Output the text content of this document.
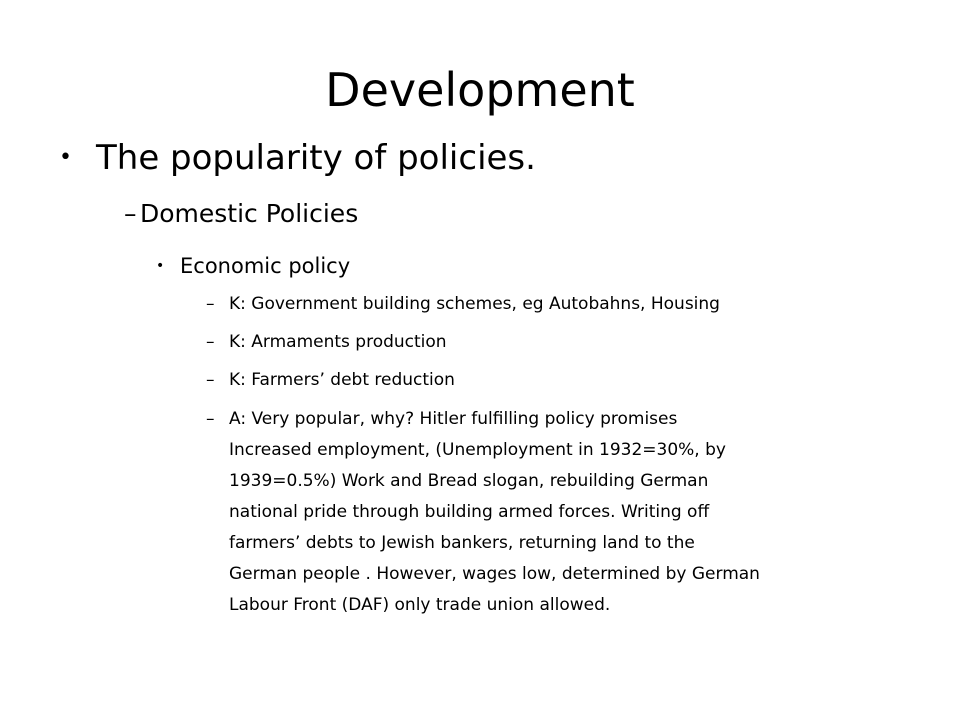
Development
• The popularity of policies.
– Domestic Policies
• Economic policy
– K: Government building schemes, eg Autobahns, Housing
– K: Armaments production
– K: Farmers’ debt reduction
– A: Very popular, why? Hitler fulfilling policy promises
Increased employment, (Unemployment in 1932=30%, by
1939=0.5%) Work and Bread slogan, rebuilding German
national pride through building armed forces. Writing off
farmers’ debts to Jewish bankers, returning land to the
German people . However, wages low, determined by German
Labour Front (DAF) only trade union allowed.
